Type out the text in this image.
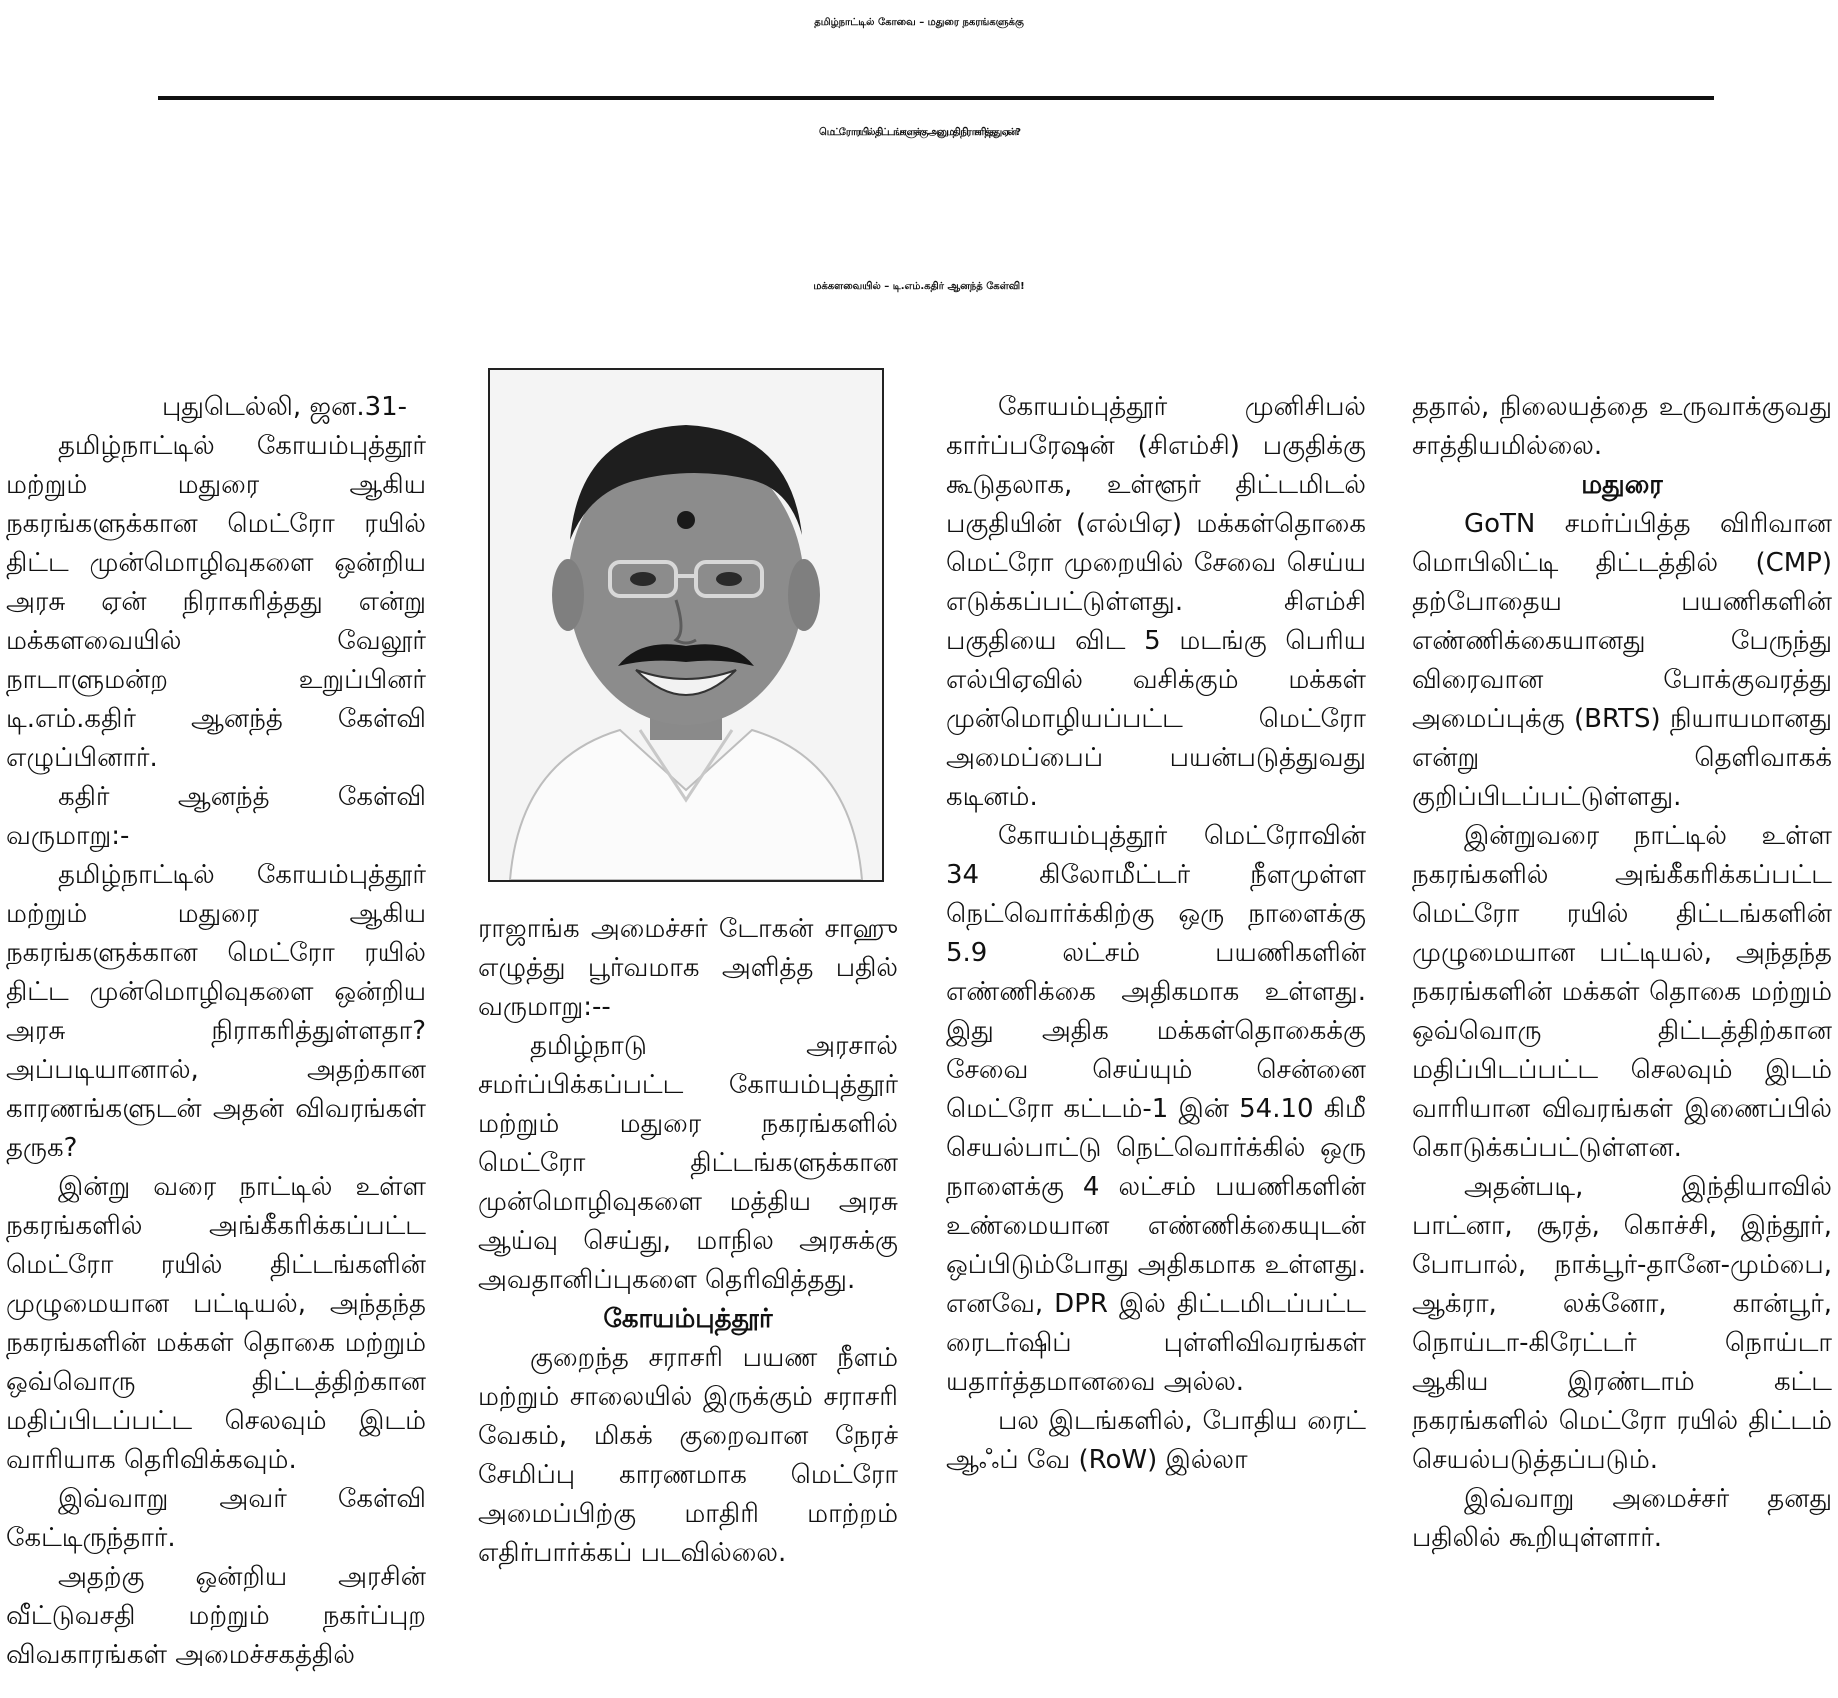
தமிழ்நாட்டில் கோவை – மதுரை நகரங்களுக்கு
மெட்ரோ ரயில் திட்டங்களுக்கு அனுமதி நிராகரித்தது ஏன்?
மக்களவையில் – டி.எம்.கதிர் ஆனந்த் கேள்வி!

புதுடெல்லி, ஜன.31-

தமிழ்நாட்டில் கோயம்புத்தூர் மற்றும் மதுரை ஆகிய நகரங்களுக்கான மெட்ரோ ரயில் திட்ட முன்மொழிவுகளை ஒன்றிய அரசு ஏன் நிராகரித்தது என்று மக்களவையில் வேலூர் நாடாளுமன்ற உறுப்பினர் டி.எம்.கதிர் ஆனந்த் கேள்வி எழுப்பினார்.

கதிர் ஆனந்த் கேள்வி வருமாறு:-

தமிழ்நாட்டில் கோயம்புத்தூர் மற்றும் மதுரை ஆகிய நகரங்களுக்கான மெட்ரோ ரயில் திட்ட முன்மொழிவுகளை ஒன்றிய அரசு நிராகரித்துள்ளதா? அப்படியானால், அதற்கான காரணங்களுடன் அதன் விவரங்கள் தருக?

இன்று வரை நாட்டில் உள்ள நகரங்களில் அங்கீகரிக்கப்பட்ட மெட்ரோ ரயில் திட்டங்களின் முழுமையான பட்டியல், அந்தந்த நகரங்களின் மக்கள் தொகை மற்றும் ஒவ்வொரு திட்டத்திற்கான மதிப்பிடப்பட்ட செலவும் இடம் வாரியாக தெரிவிக்கவும்.

இவ்வாறு அவர் கேள்வி கேட்டிருந்தார்.

அதற்கு ஒன்றிய அரசின் வீட்டுவசதி மற்றும் நகர்ப்புற விவகாரங்கள் அமைச்சகத்தில்

ராஜாங்க அமைச்சர் டோகன் சாஹு எழுத்து பூர்வமாக அளித்த பதில் வருமாறு:--

தமிழ்நாடு அரசால் சமர்ப்பிக்கப்பட்ட கோயம்புத்தூர் மற்றும் மதுரை நகரங்களில் மெட்ரோ திட்டங்களுக்கான முன்மொழிவுகளை மத்திய அரசு ஆய்வு செய்து, மாநில அரசுக்கு அவதானிப்புகளை தெரிவித்தது.

கோயம்புத்தூர்

குறைந்த சராசரி பயண நீளம் மற்றும் சாலையில் இருக்கும் சராசரி வேகம், மிகக் குறைவான நேரச் சேமிப்பு காரணமாக மெட்ரோ அமைப்பிற்கு மாதிரி மாற்றம் எதிர்பார்க்கப் படவில்லை.

கோயம்புத்தூர் முனிசிபல் கார்ப்பரேஷன் (சிஎம்சி) பகுதிக்கு கூடுதலாக, உள்ளூர் திட்டமிடல் பகுதியின் (எல்பிஏ) மக்கள்தொகை மெட்ரோ முறையில் சேவை செய்ய எடுக்கப்பட்டுள்ளது. சிஎம்சி பகுதியை விட 5 மடங்கு பெரிய எல்பிஏவில் வசிக்கும் மக்கள் முன்மொழியப்பட்ட மெட்ரோ அமைப்பைப் பயன்படுத்துவது கடினம்.

கோயம்புத்தூர் மெட்ரோவின் 34 கிலோமீட்டர் நீளமுள்ள நெட்வொர்க்கிற்கு ஒரு நாளைக்கு 5.9 லட்சம் பயணிகளின் எண்ணிக்கை அதிகமாக உள்ளது. இது அதிக மக்கள்தொகைக்கு சேவை செய்யும் சென்னை மெட்ரோ கட்டம்-1 இன் 54.10 கிமீ செயல்பாட்டு நெட்வொர்க்கில் ஒரு நாளைக்கு 4 லட்சம் பயணிகளின் உண்மையான எண்ணிக்கையுடன் ஒப்பிடும்போது அதிகமாக உள்ளது. எனவே, DPR இல் திட்டமிடப்பட்ட ரைடர்ஷிப் புள்ளிவிவரங்கள் யதார்த்தமானவை அல்ல.

பல இடங்களில், போதிய ரைட் ஆஃப் வே (RoW) இல்லா

ததால், நிலையத்தை உருவாக்குவது சாத்தியமில்லை.

மதுரை

GoTN சமர்ப்பித்த விரிவான மொபிலிட்டி திட்டத்தில் (CMP) தற்போதைய பயணிகளின் எண்ணிக்கையானது பேருந்து விரைவான போக்குவரத்து அமைப்புக்கு (BRTS) நியாயமானது என்று தெளிவாகக் குறிப்பிடப்பட்டுள்ளது.

இன்றுவரை நாட்டில் உள்ள நகரங்களில் அங்கீகரிக்கப்பட்ட மெட்ரோ ரயில் திட்டங்களின் முழுமையான பட்டியல், அந்தந்த நகரங்களின் மக்கள் தொகை மற்றும் ஒவ்வொரு திட்டத்திற்கான மதிப்பிடப்பட்ட செலவும் இடம் வாரியான விவரங்கள் இணைப்பில் கொடுக்கப்பட்டுள்ளன.

அதன்படி, இந்தியாவில் பாட்னா, சூரத், கொச்சி, இந்தூர், போபால், நாக்பூர்-தானே-மும்பை, ஆக்ரா, லக்னோ, கான்பூர், நொய்டா-கிரேட்டர் நொய்டா ஆகிய இரண்டாம் கட்ட நகரங்களில் மெட்ரோ ரயில் திட்டம் செயல்படுத்தப்படும்.

இவ்வாறு அமைச்சர் தனது பதிலில் கூறியுள்ளார்.
